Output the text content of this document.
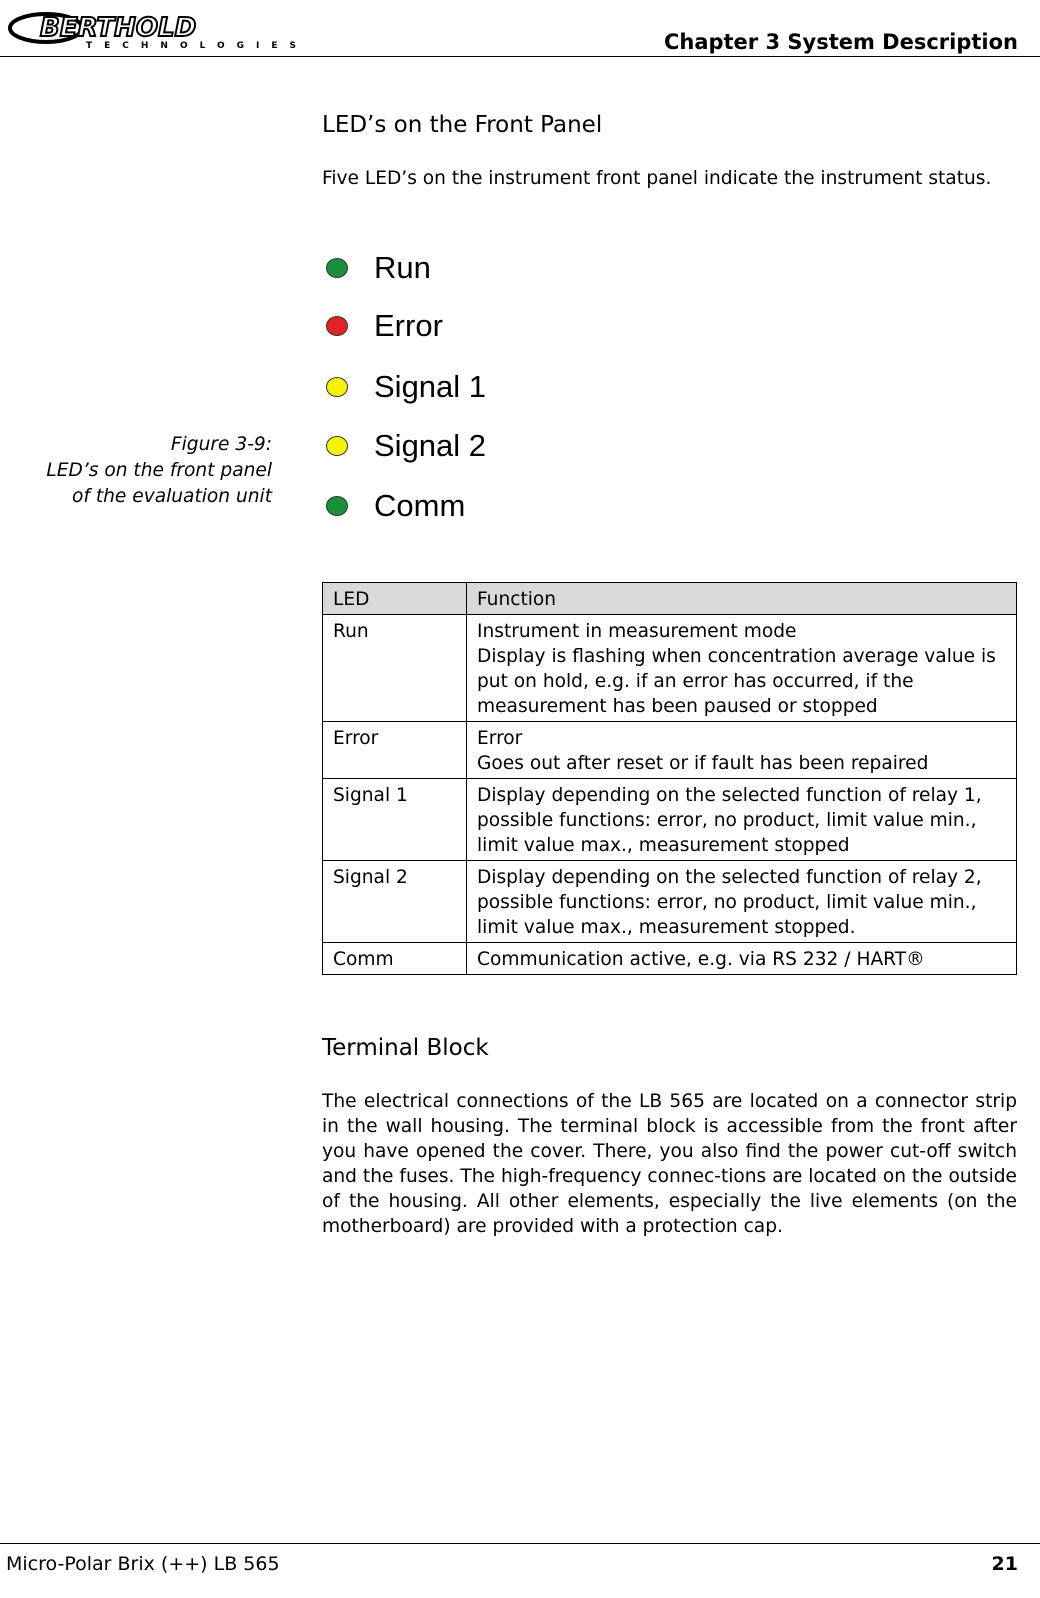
BERTHOLD
TECHNOLOGIES	Chapter 3 System Description
LED’s on the Front Panel
Five LED’s on the instrument front panel indicate the instrument status.
Run
Error
Signal 1
Signal 2
Comm
Figure 3-9:
LED’s on the front panel
of the evaluation unit
LED	Function
Run	Instrument in measurement mode
Display is flashing when concentration average value is put on hold, e.g. if an error has occurred, if the measurement has been paused or stopped

Error	Error
Goes out after reset or if fault has been repaired

Signal 1	Display depending on the selected function of relay 1, possible functions: error, no product, limit value min., limit value max., measurement stopped

Signal 2	Display depending on the selected function of relay 2, possible functions: error, no product, limit value min., limit value max., measurement stopped.

Comm	Communication active, e.g. via RS 232 / HART®
Terminal Block
The electrical connections of the LB 565 are located on a connector strip in the wall housing. The terminal block is accessible from the front after you have opened the cover. There, you also find the power cut-off switch and the fuses. The high-frequency connec-tions are located on the outside of the housing. All other elements, especially the live elements (on the motherboard) are provided with a protection cap.
Micro-Polar Brix (++) LB 565	21
